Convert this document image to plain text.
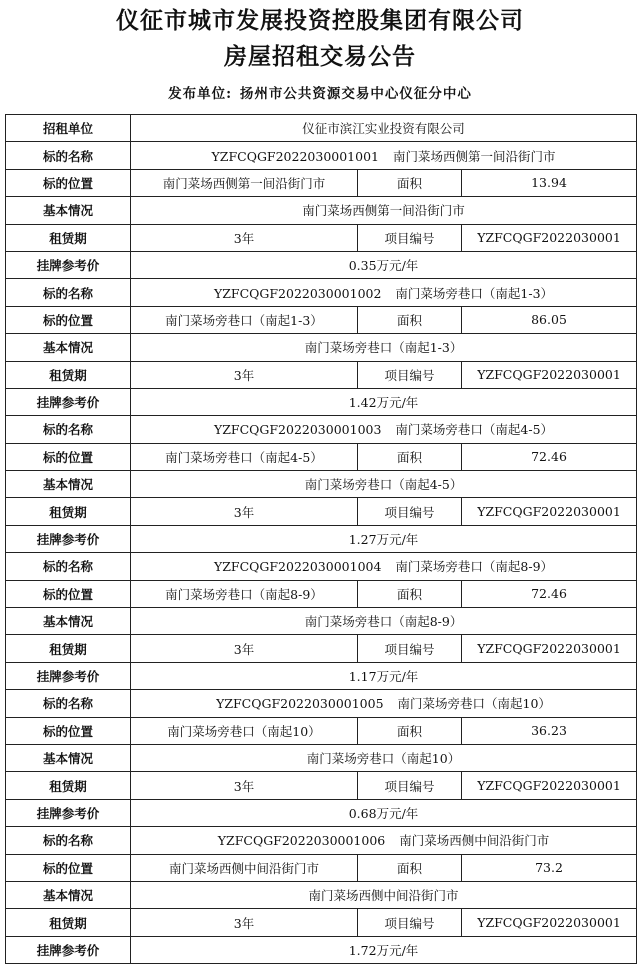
仪征市城市发展投资控股集团有限公司
房屋招租交易公告
发布单位: 扬州市公共资源交易中心仪征分中心
招租单位	仪征市滨江实业投资有限公司		
标的名称	YZFCQGF2022030001001 南门菜场西侧第一间沿街门市		
标的位置	南门菜场西侧第一间沿街门市	面积	13.94
基本情况	南门菜场西侧第一间沿街门市		
租赁期	3年	项目编号	YZFCQGF2022030001
挂牌参考价	0.35万元/年		
标的名称	YZFCQGF2022030001002 南门菜场旁巷口（南起1-3）		
标的位置	南门菜场旁巷口（南起1-3）	面积	86.05
基本情况	南门菜场旁巷口（南起1-3）		
租赁期	3年	项目编号	YZFCQGF2022030001
挂牌参考价	1.42万元/年		
标的名称	YZFCQGF2022030001003 南门菜场旁巷口（南起4-5）		
标的位置	南门菜场旁巷口（南起4-5）	面积	72.46
基本情况	南门菜场旁巷口（南起4-5）		
租赁期	3年	项目编号	YZFCQGF2022030001
挂牌参考价	1.27万元/年		
标的名称	YZFCQGF2022030001004 南门菜场旁巷口（南起8-9）		
标的位置	南门菜场旁巷口（南起8-9）	面积	72.46
基本情况	南门菜场旁巷口（南起8-9）		
租赁期	3年	项目编号	YZFCQGF2022030001
挂牌参考价	1.17万元/年		
标的名称	YZFCQGF2022030001005 南门菜场旁巷口（南起10）		
标的位置	南门菜场旁巷口（南起10）	面积	36.23
基本情况	南门菜场旁巷口（南起10）		
租赁期	3年	项目编号	YZFCQGF2022030001
挂牌参考价	0.68万元/年		
标的名称	YZFCQGF2022030001006 南门菜场西侧中间沿街门市		
标的位置	南门菜场西侧中间沿街门市	面积	73.2
基本情况	南门菜场西侧中间沿街门市		
租赁期	3年	项目编号	YZFCQGF2022030001
挂牌参考价	1.72万元/年		
